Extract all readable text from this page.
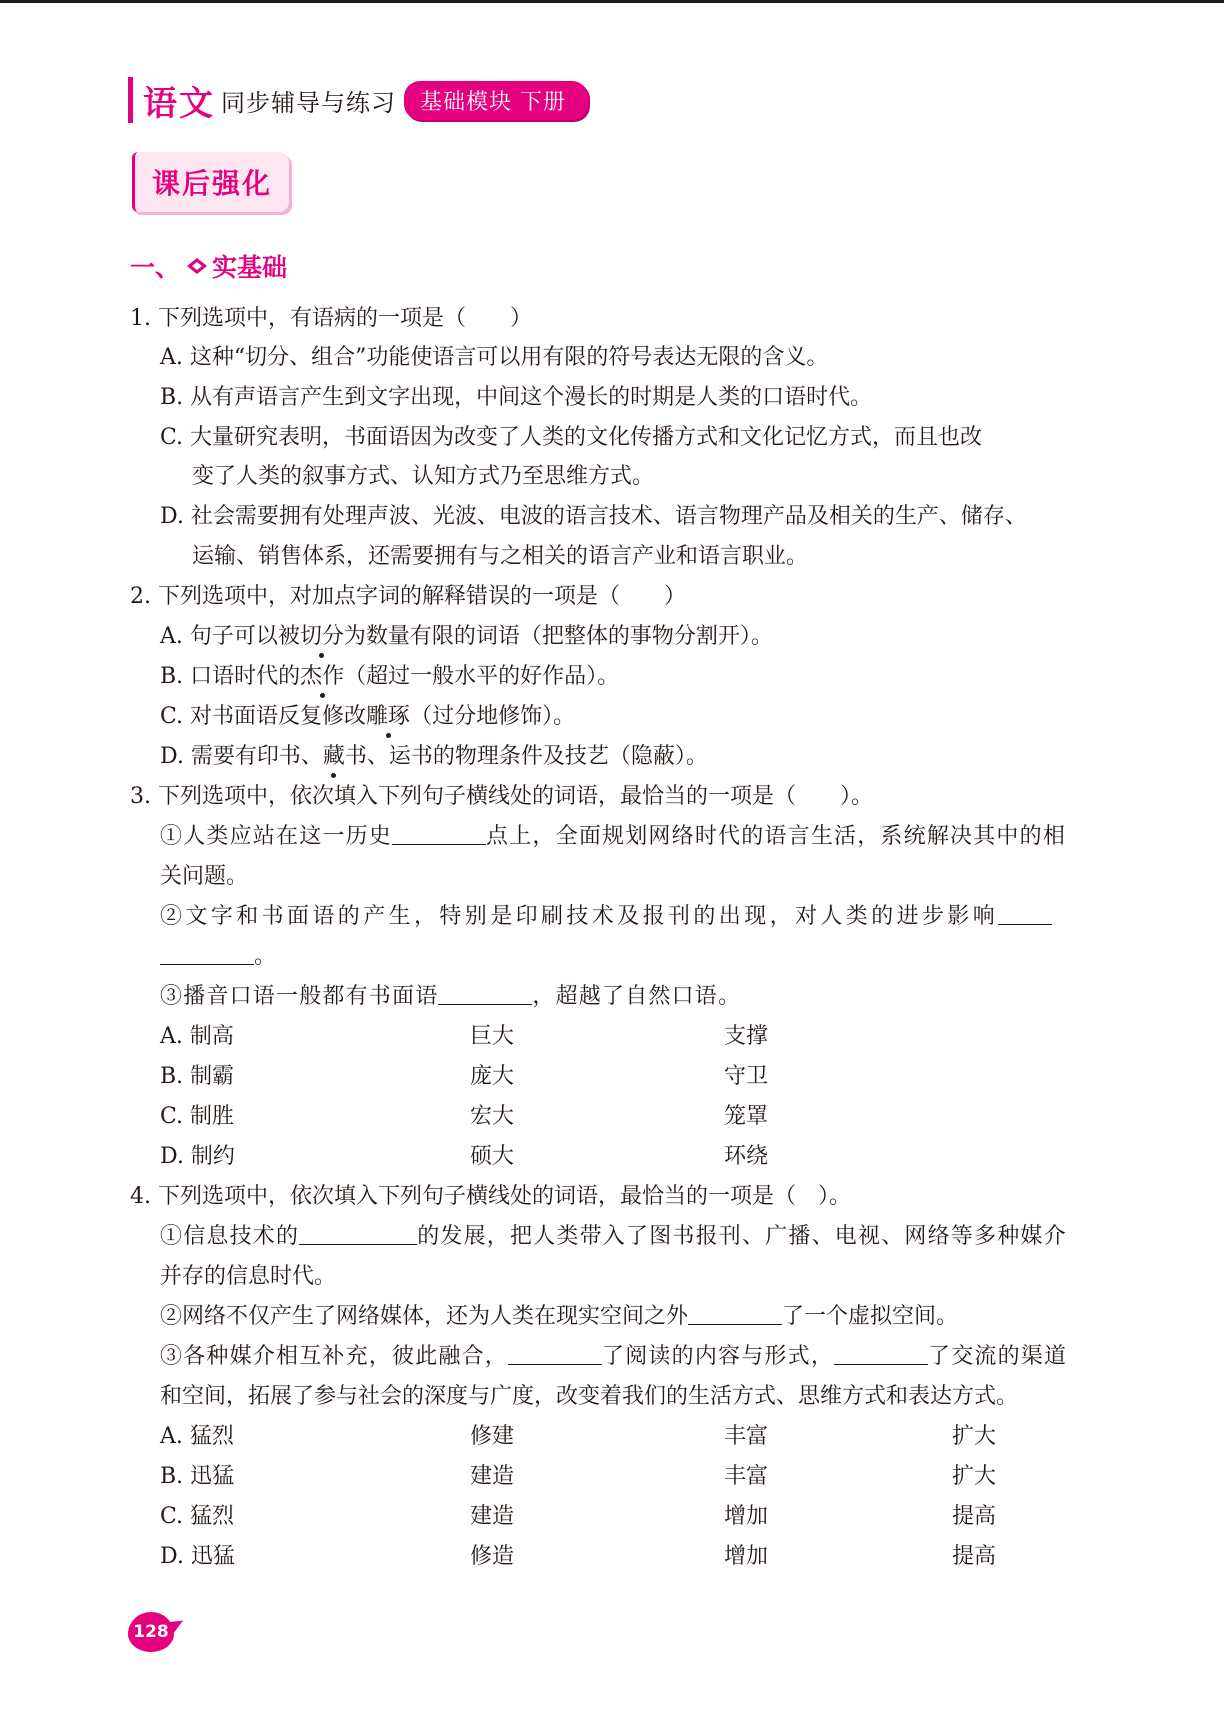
语文 同步辅导与练习	基础模块 下册
课后强化
一、 实基础
1. 下列选项中，有语病的一项是（　　）
A. 这种“切分、组合”功能使语言可以用有限的符号表达无限的含义。
B. 从有声语言产生到文字出现，中间这个漫长的时期是人类的口语时代。
C. 大量研究表明，书面语因为改变了人类的文化传播方式和文化记忆方式，而且也改
变了人类的叙事方式、认知方式乃至思维方式。
D. 社会需要拥有处理声波、光波、电波的语言技术、语言物理产品及相关的生产、储存、
运输、销售体系，还需要拥有与之相关的语言产业和语言职业。
2. 下列选项中，对加点字词的解释错误的一项是（　　）
A. 句子可以被切分为数量有限的词语（把整体的事物分割开）。
B. 口语时代的杰作（超过一般水平的好作品）。
C. 对书面语反复修改雕琢（过分地修饰）。
D. 需要有印书、藏书、运书的物理条件及技艺（隐蔽）。
3. 下列选项中，依次填入下列句子横线处的词语，最恰当的一项是（　　）。
①人类应站在这一历史	点上，全面规划网络时代的语言生活，系统解决其中的相
关问题。
②文字和书面语的产生，特别是印刷技术及报刊的出现，对人类的进步影响
。
③播音口语一般都有书面语	，超越了自然口语。
A. 制高	巨大	支撑
B. 制霸	庞大	守卫
C. 制胜	宏大	笼罩
D. 制约	硕大	环绕
4. 下列选项中，依次填入下列句子横线处的词语，最恰当的一项是（　）。
①信息技术的	的发展，把人类带入了图书报刊、广播、电视、网络等多种媒介
并存的信息时代。
②网络不仅产生了网络媒体，还为人类在现实空间之外	了一个虚拟空间。
③各种媒介相互补充，彼此融合，	了阅读的内容与形式，	了交流的渠道
和空间，拓展了参与社会的深度与广度，改变着我们的生活方式、思维方式和表达方式。
A. 猛烈	修建	丰富	扩大
B. 迅猛	建造	丰富	扩大
C. 猛烈	建造	增加	提高
D. 迅猛	修造	增加	提高
128
